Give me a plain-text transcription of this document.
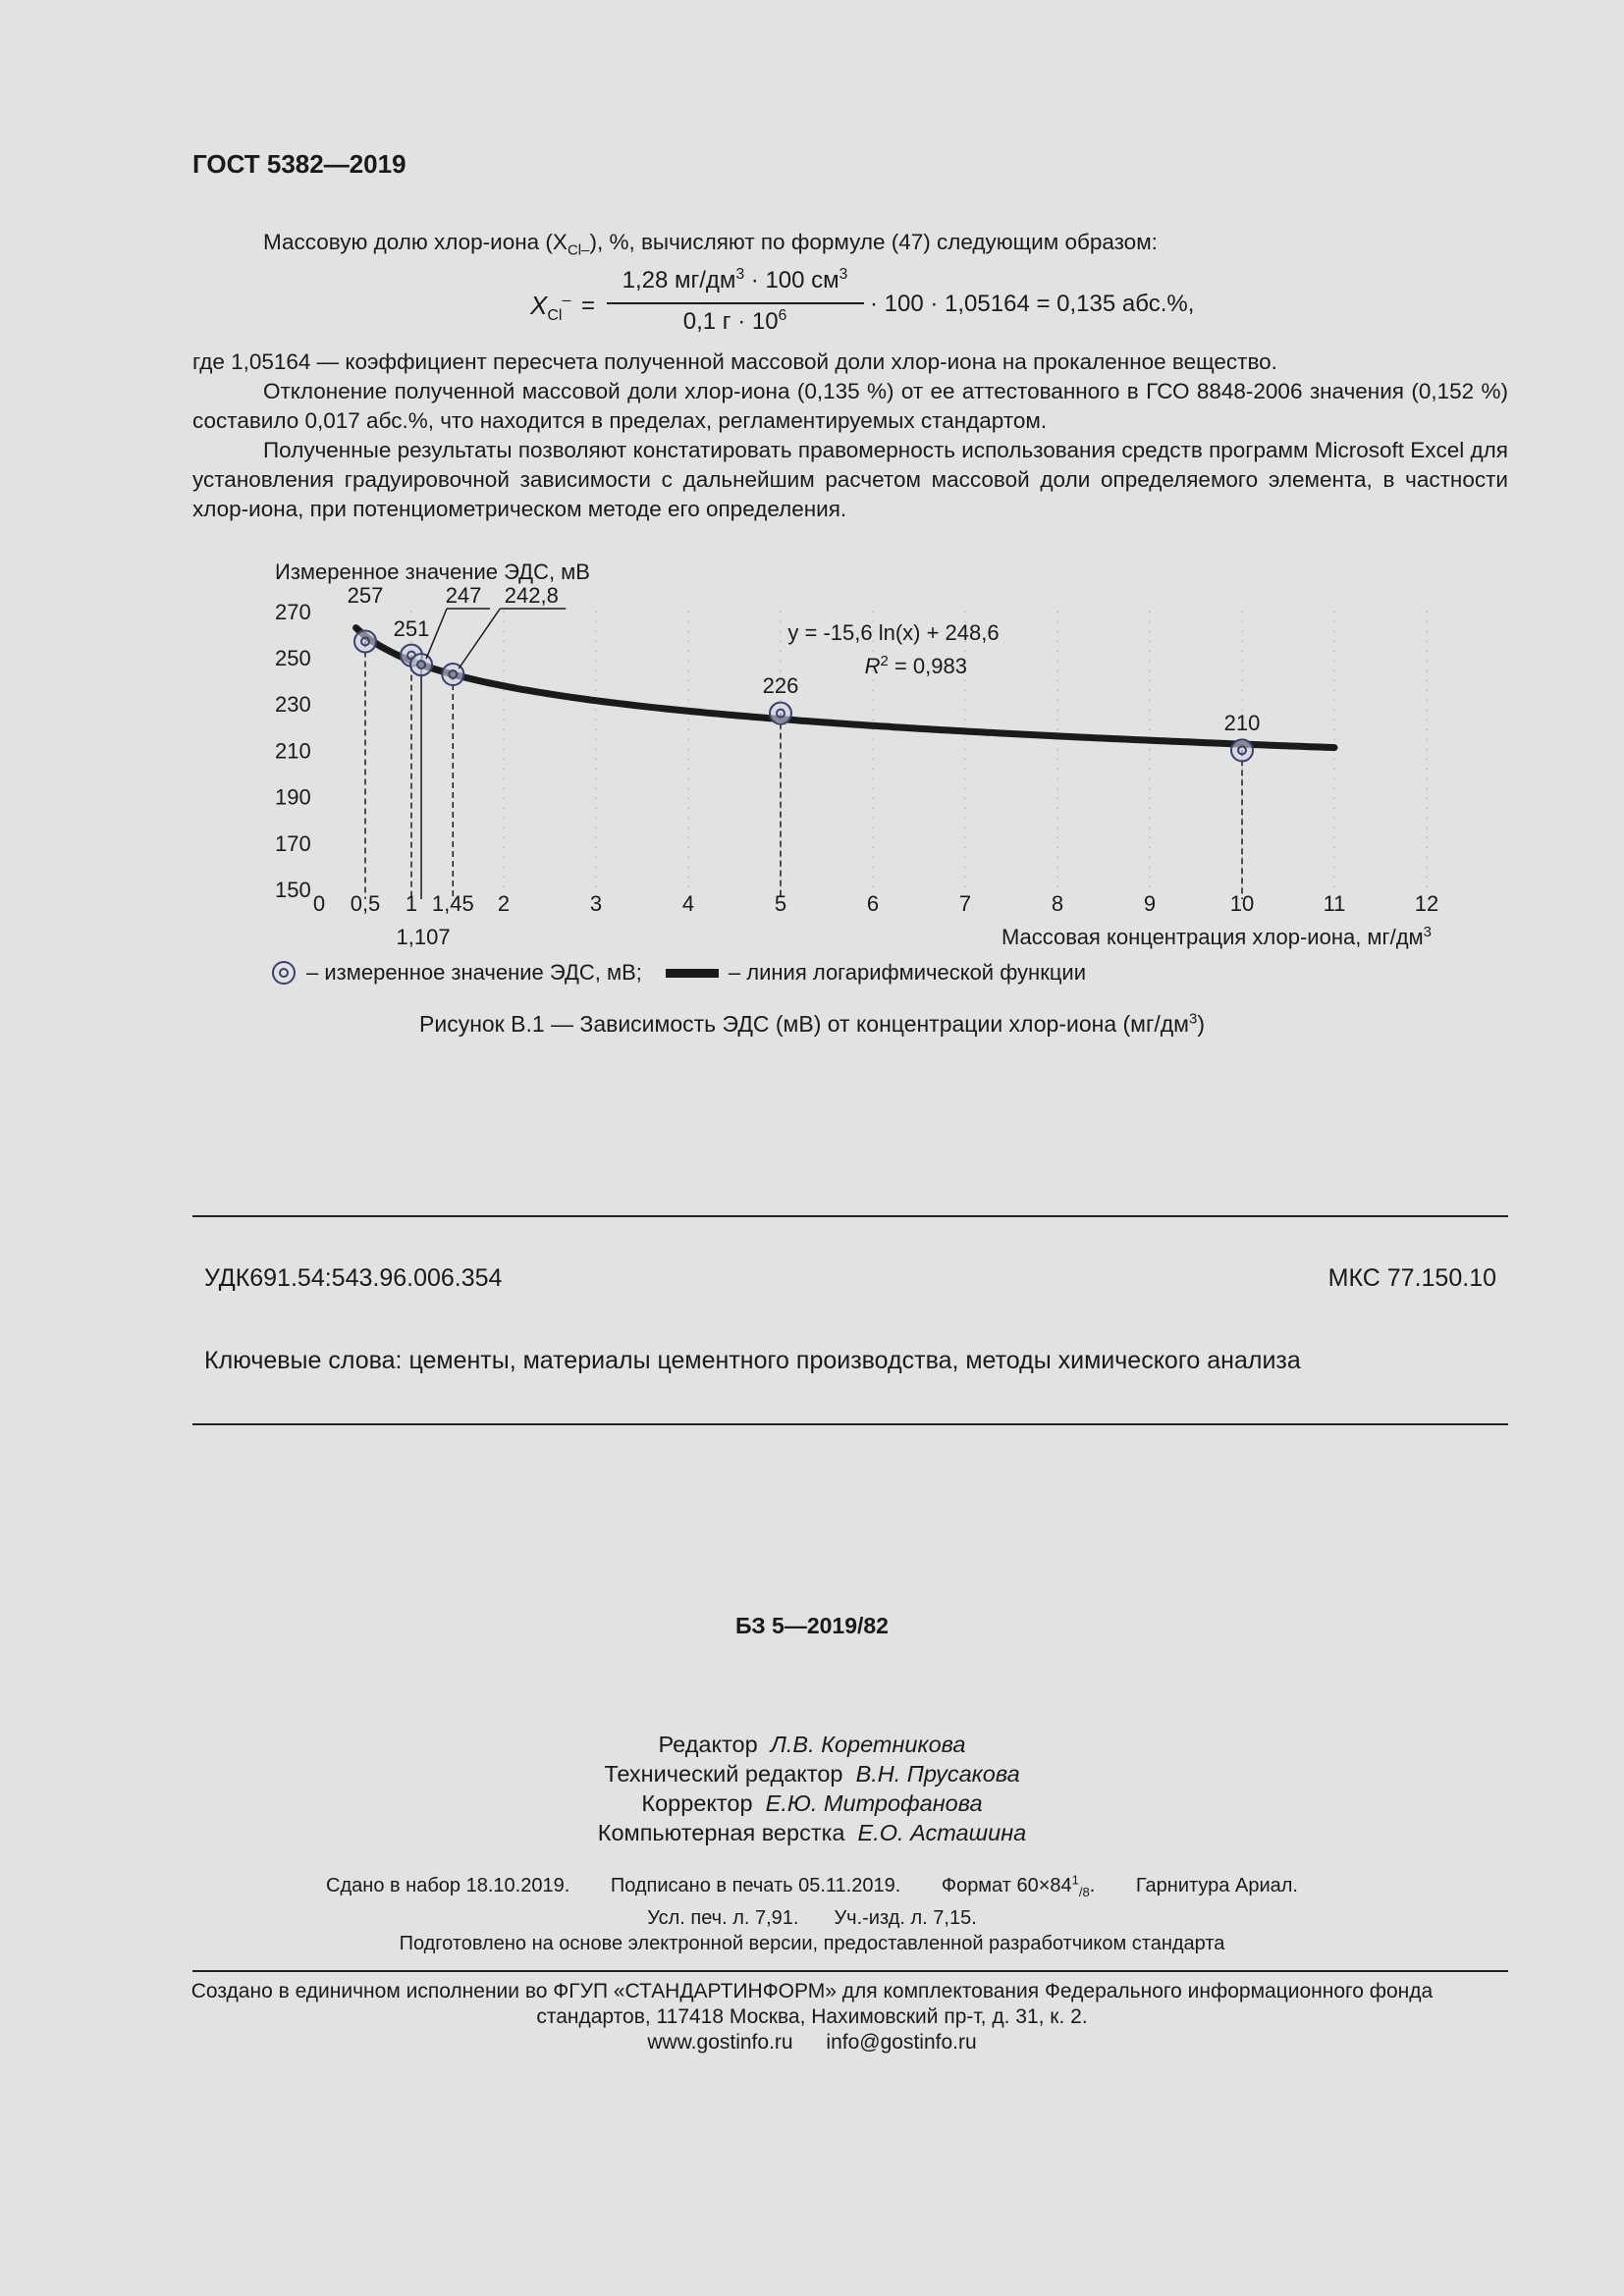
ГОСТ 5382—2019
Массовую долю хлор-иона $(X_{Cl-})$, %, вычисляют по формуле (47) следующим образом:
$X_{Cl}^-$ =
1,28 $мг/дм^3 \cdot 100$ $см^3$
0,1 $г \cdot 10^6$	· 100 · 1,05164 = 0,135 абс.%,
где 1,05164 — коэффициент пересчета полученной массовой доли хлор-иона на прокаленное вещество.
Отклонение полученной массовой доли хлор-иона (0,135 %) от ее аттестованного в ГСО 8848-2006 значения (0,152 %) составило 0,017 абс.%, что находится в пределах, регламентируемых стандартом.
Полученные результаты позволяют констатировать правомерность использования средств программ Microsoft Excel для установления градуировочной зависимости с дальнейшим расчетом массовой доли определяемого элемента, в частности хлор-иона, при потенциометрическом методе его определения.
Измеренное значение ЭДС, мВ
270
250
230
210
190
170
150
0 0,5 1 1,45 2	3	4	5	6	7	8	9	10	11	12
1,107	Массовая концентрация хлор-иона, $мг/дм^3$
257
251
247 242,8
226
210
y = -15,6 ln(x) + 248,6
$R^2 = 0,983$
– измеренное значение ЭДС, мВ;	– линия логарифмической функции
Рисунок В.1 — Зависимость ЭДС (мВ) от концентрации хлор-иона $(мг/дм^3)$
УДК691.54:543.96.006.354	МКС 77.150.10
Ключевые слова: цементы, материалы цементного производства, методы химического анализа
БЗ 5—2019/82
Редактор Л.В. Коретникова
Технический редактор В.Н. Прусакова
Корректор Е.Ю. Митрофанова
Компьютерная верстка Е.О. Асташина
Сдано в набор 18.10.2019. Подписано в печать 05.11.2019. Формат $60\times 84^1_{/8}$. Гарнитура Ариал.
Усл. печ. л. 7,91. Уч.-изд. л. 7,15.
Подготовлено на основе электронной версии, предоставленной разработчиком стандарта
Создано в единичном исполнении во ФГУП «СТАНДАРТИНФОРМ» для комплектования Федерального информационного фонда
стандартов, 117418 Москва, Нахимовский пр-т, д. 31, к. 2.
www.gostinfo.ru info@gostinfo.ru
